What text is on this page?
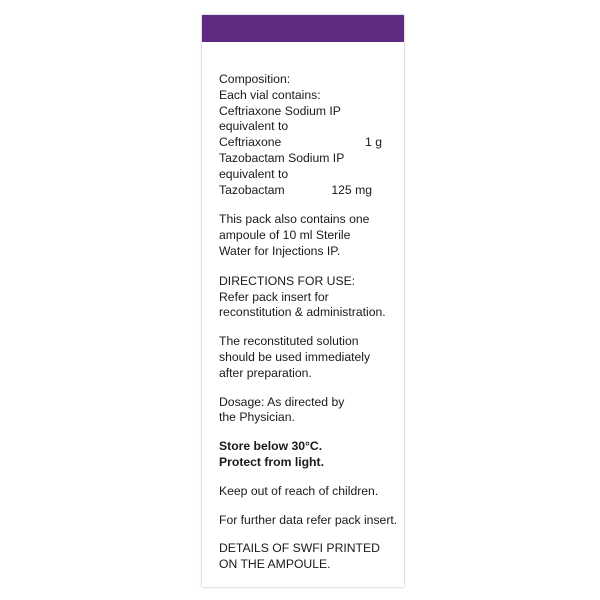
Composition:
Each vial contains:
Ceftriaxone Sodium IP
equivalent to
Ceftriaxone	1 g
Tazobactam Sodium IP
equivalent to
Tazobactam	125 mg
This pack also contains one
ampoule of 10 ml Sterile
Water for Injections IP.
DIRECTIONS FOR USE:
Refer pack insert for
reconstitution & administration.
The reconstituted solution
should be used immediately
after preparation.
Dosage: As directed by
the Physician.
Store below 30°C.
Protect from light.
Keep out of reach of children.
For further data refer pack insert.
DETAILS OF SWFI PRINTED
ON THE AMPOULE.
